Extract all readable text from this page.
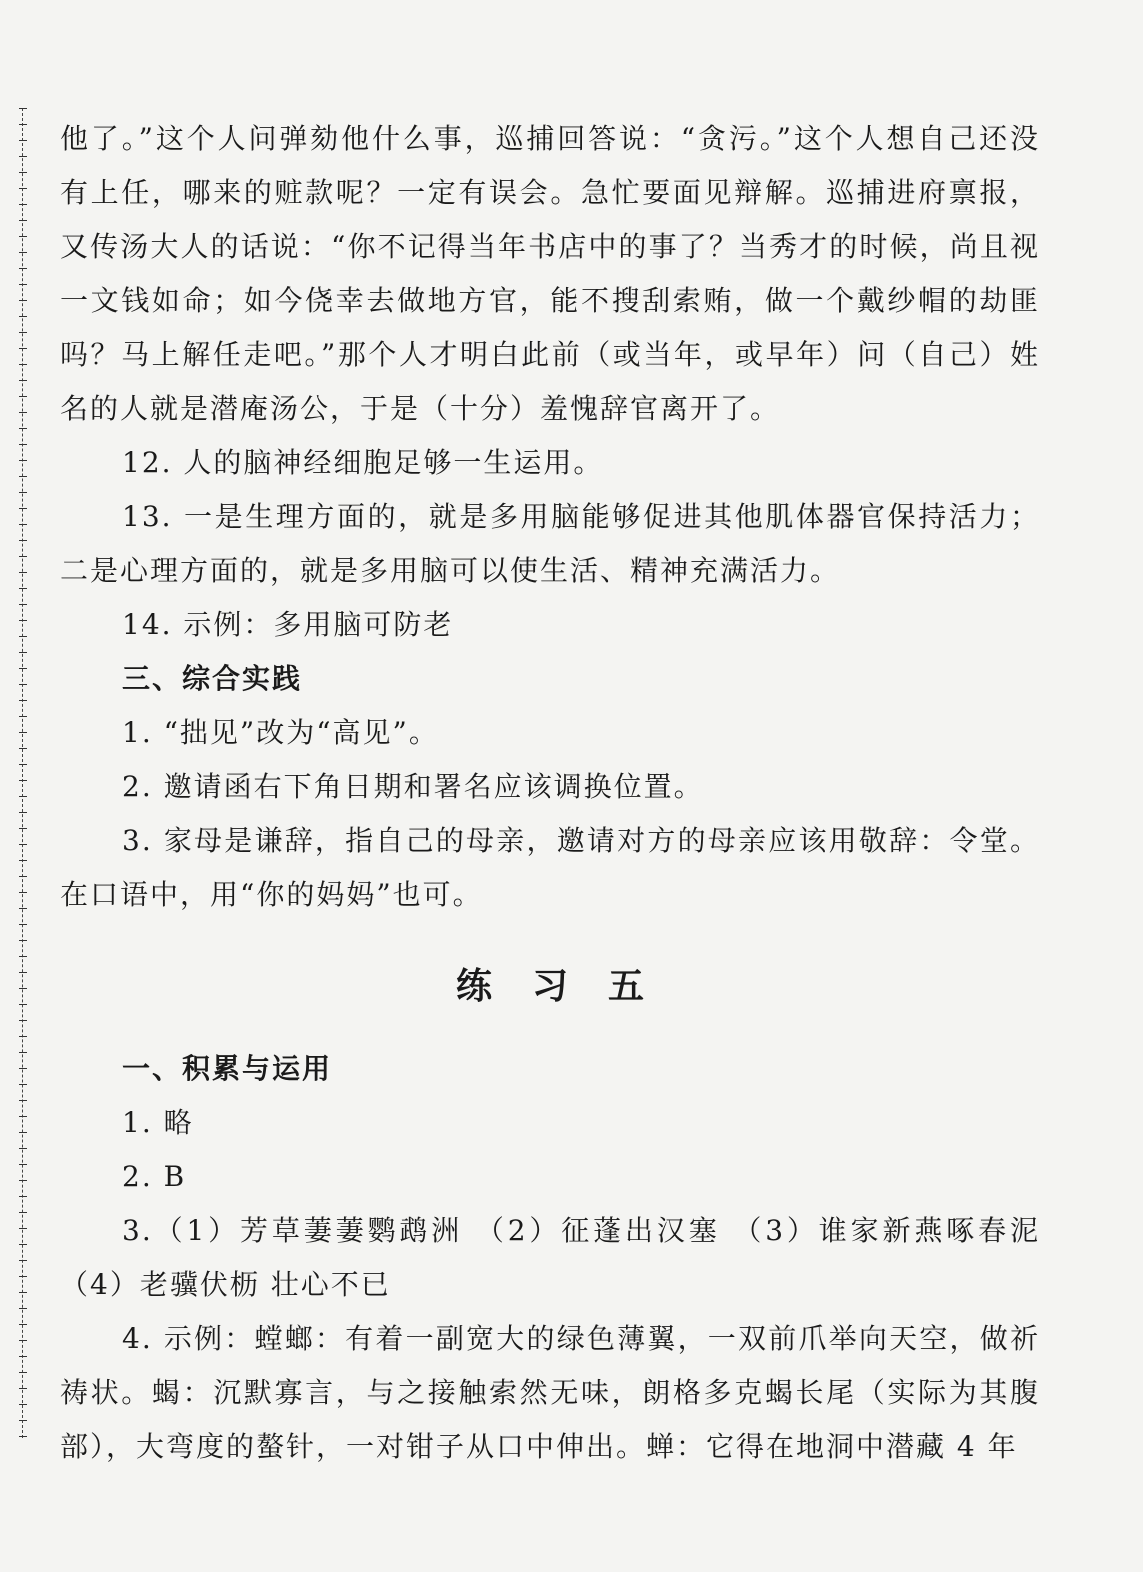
他了。”这个人问弹劾他什么事，巡捕回答说：“贪污。”这个人想自己还没有上任，哪来的赃款呢？一定有误会。急忙要面见辩解。巡捕进府禀报，又传汤大人的话说：“你不记得当年书店中的事了？当秀才的时候，尚且视一文钱如命；如今侥幸去做地方官，能不搜刮索贿，做一个戴纱帽的劫匪吗？马上解任走吧。”那个人才明白此前（或当年，或早年）问（自己）姓名的人就是潜庵汤公，于是（十分）羞愧辞官离开了。

12. 人的脑神经细胞足够一生运用。

13. 一是生理方面的，就是多用脑能够促进其他肌体器官保持活力；二是心理方面的，就是多用脑可以使生活、精神充满活力。

14. 示例：多用脑可防老

三、综合实践

1. “拙见”改为“高见”。

2. 邀请函右下角日期和署名应该调换位置。

3. 家母是谦辞，指自己的母亲，邀请对方的母亲应该用敬辞：令堂。在口语中，用“你的妈妈”也可。

练习五

一、积累与运用

1. 略

2. B

3.（1）芳草萋萋鹦鹉洲 （2）征蓬出汉塞 （3）谁家新燕啄春泥（4）老骥伏枥 壮心不已

4. 示例：螳螂：有着一副宽大的绿色薄翼，一双前爪举向天空，做祈祷状。蝎：沉默寡言，与之接触索然无味，朗格多克蝎长尾（实际为其腹部），大弯度的螯针，一对钳子从口中伸出。蝉：它得在地洞中潜藏 4 年
